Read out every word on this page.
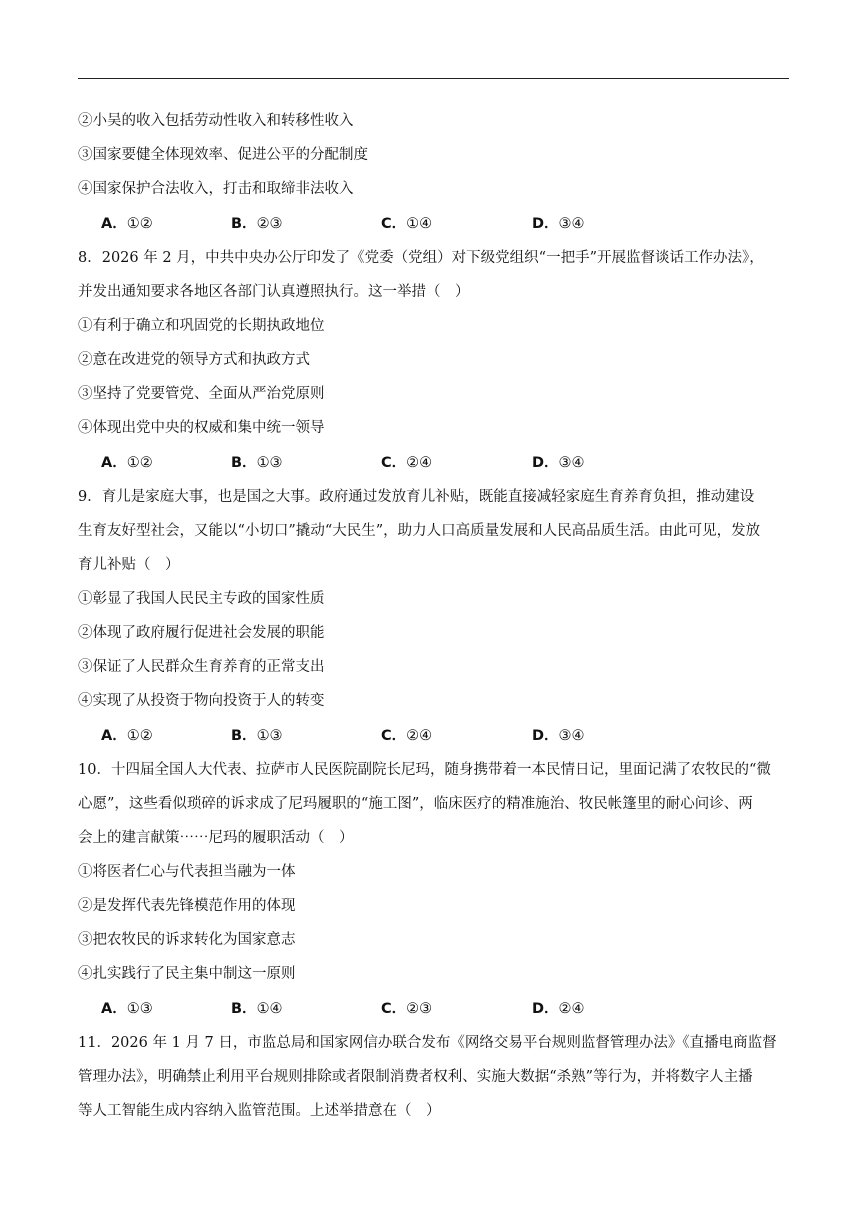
②小吴的收入包括劳动性收入和转移性收入
③国家要健全体现效率、促进公平的分配制度
④国家保护合法收入，打击和取缔非法收入
A．①②	B．②③	C．①④	D．③④
8．2026 年 2 月，中共中央办公厅印发了《党委（党组）对下级党组织“一把手”开展监督谈话工作办法》，
并发出通知要求各地区各部门认真遵照执行。这一举措（　）
①有利于确立和巩固党的长期执政地位
②意在改进党的领导方式和执政方式
③坚持了党要管党、全面从严治党原则
④体现出党中央的权威和集中统一领导
A．①②	B．①③	C．②④	D．③④
9．育儿是家庭大事，也是国之大事。政府通过发放育儿补贴，既能直接减轻家庭生育养育负担，推动建设
生育友好型社会，又能以“小切口”撬动“大民生”，助力人口高质量发展和人民高品质生活。由此可见，发放
育儿补贴（　）
①彰显了我国人民民主专政的国家性质
②体现了政府履行促进社会发展的职能
③保证了人民群众生育养育的正常支出
④实现了从投资于物向投资于人的转变
A．①②	B．①③	C．②④	D．③④
10．十四届全国人大代表、拉萨市人民医院副院长尼玛，随身携带着一本民情日记，里面记满了农牧民的“微
心愿”，这些看似琐碎的诉求成了尼玛履职的“施工图”，临床医疗的精准施治、牧民帐篷里的耐心问诊、两
会上的建言献策⋯⋯尼玛的履职活动（　）
①将医者仁心与代表担当融为一体
②是发挥代表先锋模范作用的体现
③把农牧民的诉求转化为国家意志
④扎实践行了民主集中制这一原则
A．①③	B．①④	C．②③	D．②④
11．2026 年 1 月 7 日，市监总局和国家网信办联合发布《网络交易平台规则监督管理办法》《直播电商监督
管理办法》，明确禁止利用平台规则排除或者限制消费者权利、实施大数据“杀熟”等行为，并将数字人主播
等人工智能生成内容纳入监管范围。上述举措意在（　）
